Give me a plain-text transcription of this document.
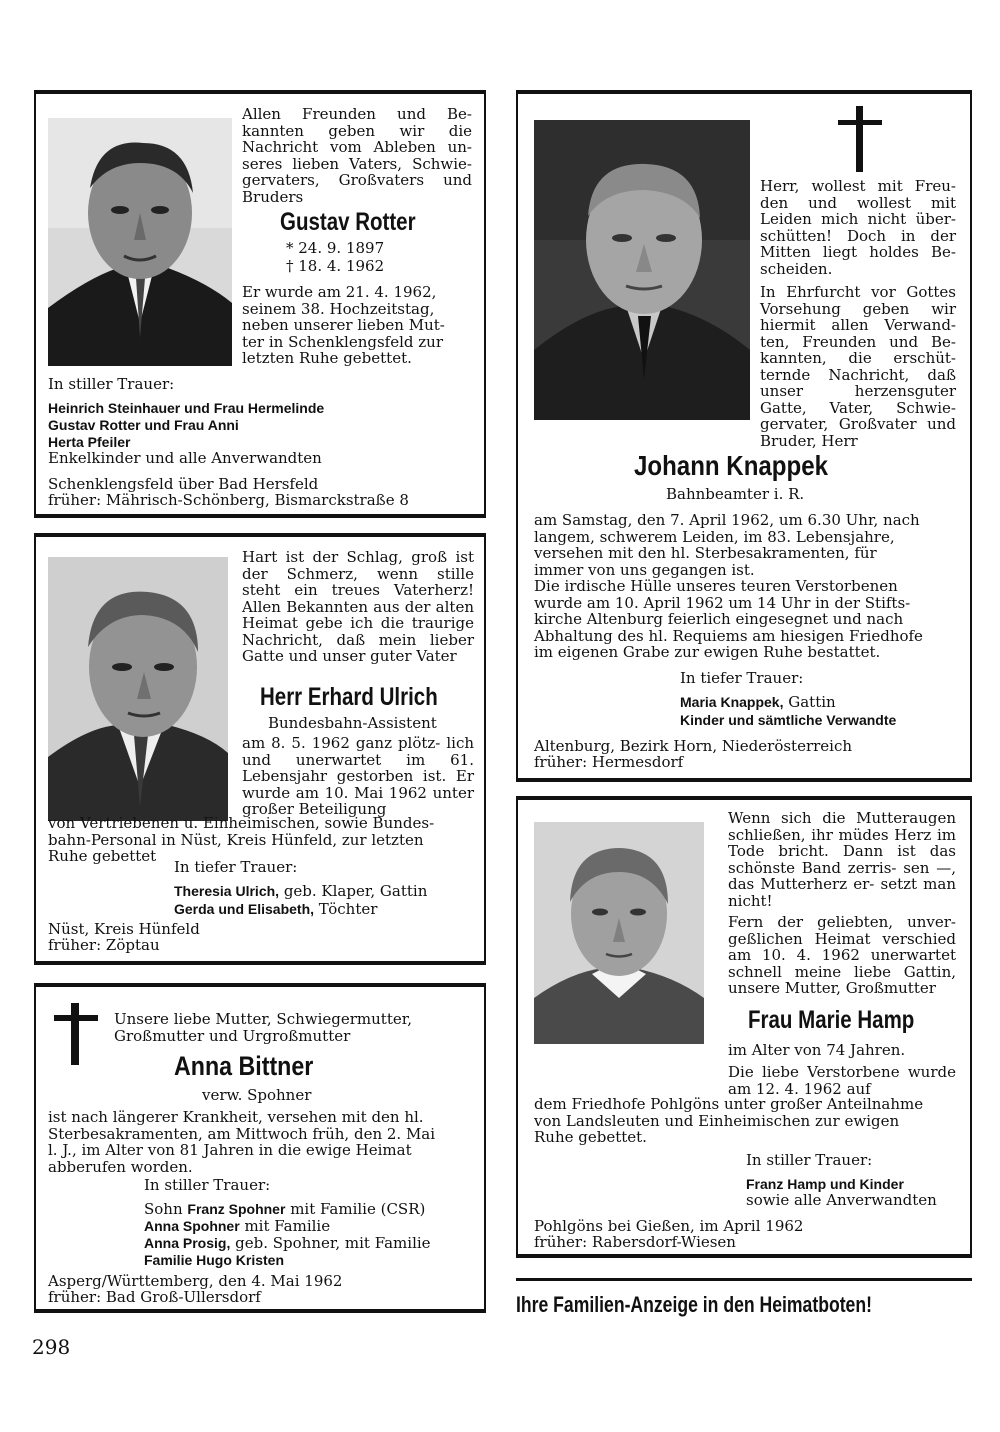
Allen Freunden und Be- kannten geben wir die Nachricht vom Ableben un- seres lieben Vaters, Schwie- gervaters, Großvaters und Bruders
Gustav Rotter
* 24. 9. 1897
† 18. 4. 1962
Er wurde am 21. 4. 1962,
seinem 38. Hochzeitstag,
neben unserer lieben Mut-
ter in Schenklengsfeld zur
letzten Ruhe gebettet.
In stiller Trauer:
Heinrich Steinhauer und Frau Hermelinde
Gustav Rotter und Frau Anni
Herta Pfeiler
Enkelkinder und alle Anverwandten
Schenklengsfeld über Bad Hersfeld
früher: Mährisch-Schönberg, Bismarckstraße 8
Hart ist der Schlag, groß ist der Schmerz, wenn stille steht ein treues Vaterherz! Allen Bekannten aus der alten Heimat gebe ich die traurige Nachricht, daß mein lieber Gatte und unser guter Vater
Herr Erhard Ulrich
Bundesbahn-Assistent
am 8. 5. 1962 ganz plötz- lich und unerwartet im 61. Lebensjahr gestorben ist. Er wurde am 10. Mai 1962 unter großer Beteiligung
von Vertriebenen u. Einheimischen, sowie Bundes-
bahn-Personal in Nüst, Kreis Hünfeld, zur letzten
Ruhe gebettet
In tiefer Trauer:
Theresia Ulrich, geb. Klaper, Gattin
Gerda und Elisabeth, Töchter
Nüst, Kreis Hünfeld
früher: Zöptau
Unsere liebe Mutter, Schwiegermutter,
Großmutter und Urgroßmutter
Anna Bittner
verw. Spohner
ist nach längerer Krankheit, versehen mit den hl.
Sterbesakramenten, am Mittwoch früh, den 2. Mai
l. J., im Alter von 81 Jahren in die ewige Heimat
abberufen worden.
In stiller Trauer:
Sohn Franz Spohner mit Familie (CSR)
Anna Spohner mit Familie
Anna Prosig, geb. Spohner, mit Familie
Familie Hugo Kristen
Asperg/Württemberg, den 4. Mai 1962
früher: Bad Groß-Ullersdorf
Herr, wollest mit Freu- den und wollest mit Leiden mich nicht über- schütten! Doch in der Mitten liegt holdes Be- scheiden.
In Ehrfurcht vor Gottes Vorsehung geben wir hiermit allen Verwand- ten, Freunden und Be- kannten, die erschüt- ternde Nachricht, daß unser herzensguter Gatte, Vater, Schwie- gervater, Großvater und Bruder, Herr
Johann Knappek
Bahnbeamter i. R.
am Samstag, den 7. April 1962, um 6.30 Uhr, nach
langem, schwerem Leiden, im 83. Lebensjahre,
versehen mit den hl. Sterbesakramenten, für
immer von uns gegangen ist.
Die irdische Hülle unseres teuren Verstorbenen
wurde am 10. April 1962 um 14 Uhr in der Stifts-
kirche Altenburg feierlich eingesegnet und nach
Abhaltung des hl. Requiems am hiesigen Friedhofe
im eigenen Grabe zur ewigen Ruhe bestattet.
In tiefer Trauer:
Maria Knappek, Gattin
Kinder und sämtliche Verwandte
Altenburg, Bezirk Horn, Niederösterreich
früher: Hermesdorf
Wenn sich die Mutteraugen schließen, ihr müdes Herz im Tode bricht. Dann ist das schönste Band zerris- sen —, das Mutterherz er- setzt man nicht!
Fern der geliebten, unver- geßlichen Heimat verschied am 10. 4. 1962 unerwartet schnell meine liebe Gattin, unsere Mutter, Großmutter
Frau Marie Hamp
im Alter von 74 Jahren.
Die liebe Verstorbene wurde am 12. 4. 1962 auf
dem Friedhofe Pohlgöns unter großer Anteilnahme
von Landsleuten und Einheimischen zur ewigen
Ruhe gebettet.
In stiller Trauer:
Franz Hamp und Kinder
sowie alle Anverwandten
Pohlgöns bei Gießen, im April 1962
früher: Rabersdorf-Wiesen
Ihre Familien-Anzeige in den Heimatboten!
298
